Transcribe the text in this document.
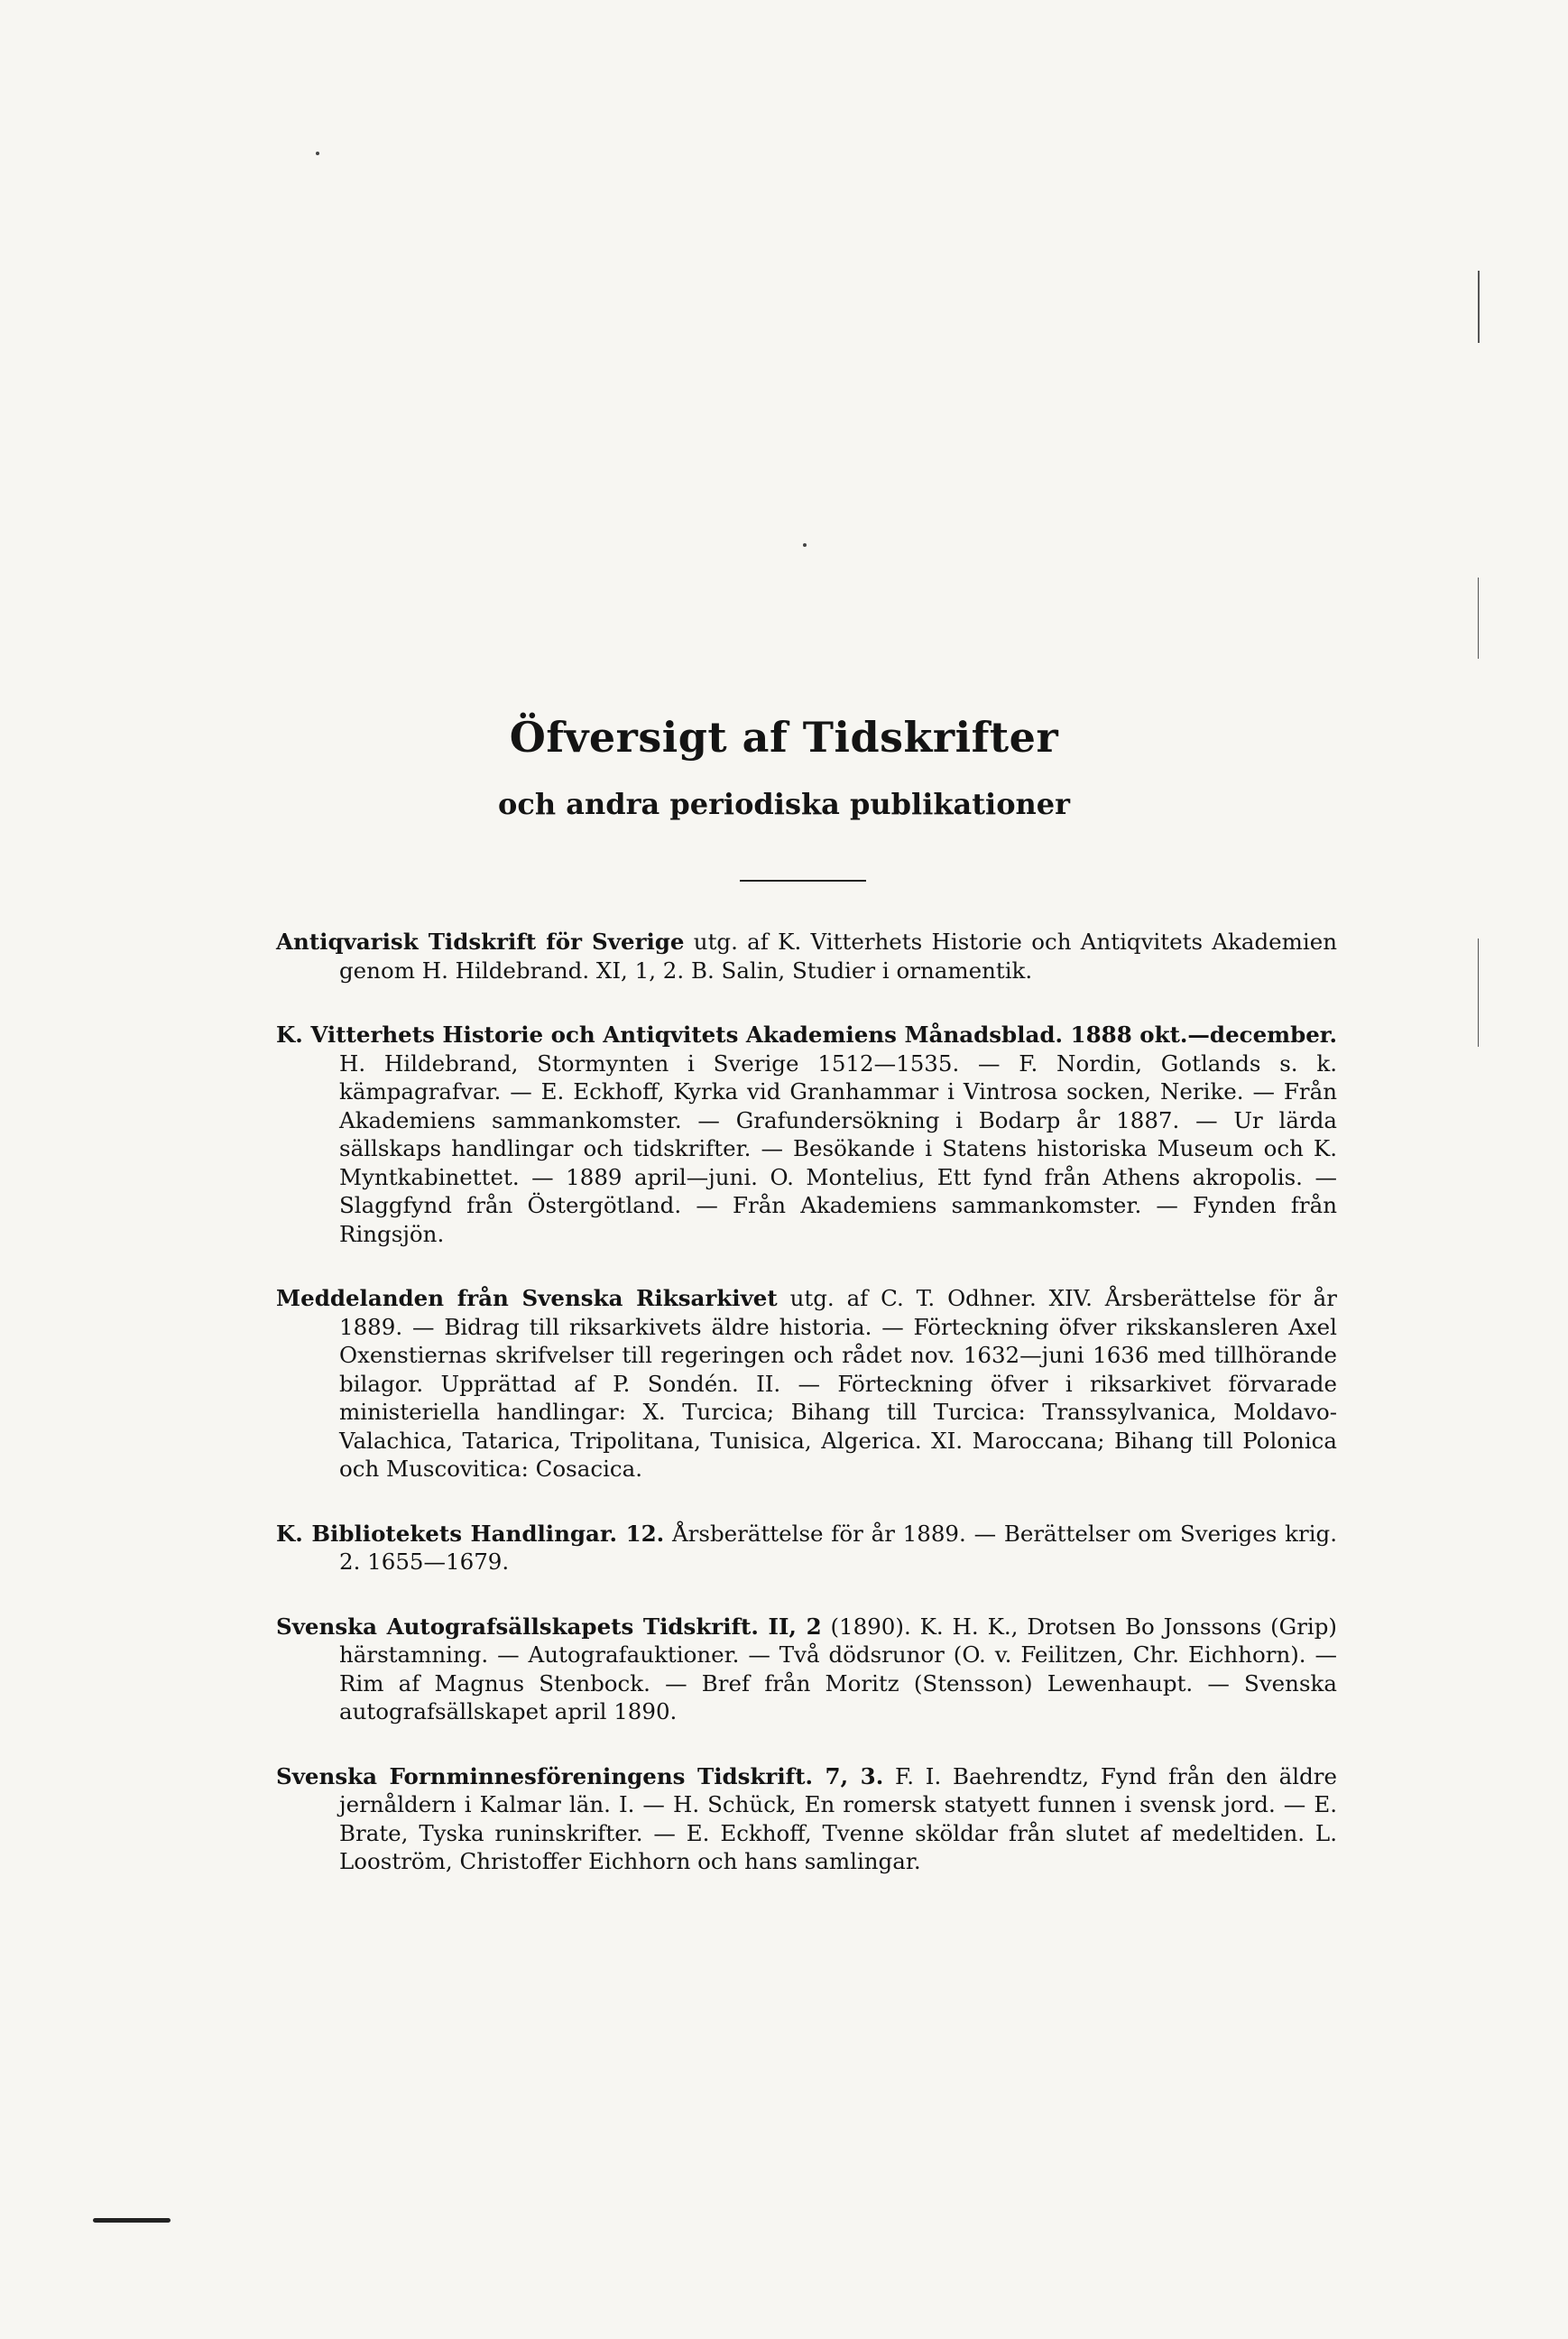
Öfversigt af Tidskrifter
och andra periodiska publikationer

Antiqvarisk Tidskrift för Sverige utg. af K. Vitterhets Historie och Antiqvitets Akademien genom H. Hildebrand. XI, 1, 2. B. Salin, Studier i ornamentik.

K. Vitterhets Historie och Antiqvitets Akademiens Månadsblad. 1888 okt.—december. H. Hildebrand, Stormynten i Sverige 1512—1535. — F. Nordin, Gotlands s. k. kämpagrafvar. — E. Eckhoff, Kyrka vid Granhammar i Vintrosa socken, Nerike. — Från Akademiens sammankomster. — Grafundersökning i Bodarp år 1887. — Ur lärda sällskaps handlingar och tidskrifter. — Besökande i Statens historiska Museum och K. Myntkabinettet. — 1889 april—juni. O. Montelius, Ett fynd från Athens akropolis. — Slaggfynd från Östergötland. — Från Akademiens sammankomster. — Fynden från Ringsjön.

Meddelanden från Svenska Riksarkivet utg. af C. T. Odhner. XIV. Årsberättelse för år 1889. — Bidrag till riksarkivets äldre historia. — Förteckning öfver rikskansleren Axel Oxenstiernas skrifvelser till regeringen och rådet nov. 1632—juni 1636 med tillhörande bilagor. Upprättad af P. Sondén. II. — Förteckning öfver i riksarkivet förvarade ministeriella handlingar: X. Turcica; Bihang till Turcica: Transsylvanica, Moldavo-Valachica, Tatarica, Tripolitana, Tunisica, Algerica. XI. Maroccana; Bihang till Polonica och Muscovitica: Cosacica.

K. Bibliotekets Handlingar. 12. Årsberättelse för år 1889. — Berättelser om Sveriges krig. 2. 1655—1679.

Svenska Autografsällskapets Tidskrift. II, 2 (1890). K. H. K., Drotsen Bo Jonssons (Grip) härstamning. — Autografauktioner. — Två dödsrunor (O. v. Feilitzen, Chr. Eichhorn). — Rim af Magnus Stenbock. — Bref från Moritz (Stensson) Lewenhaupt. — Svenska autografsällskapet april 1890.

Svenska Fornminnesföreningens Tidskrift. 7, 3. F. I. Baehrendtz, Fynd från den äldre jernåldern i Kalmar län. I. — H. Schück, En romersk statyett funnen i svensk jord. — E. Brate, Tyska runinskrifter. — E. Eckhoff, Tvenne sköldar från slutet af medeltiden. L. Looström, Christoffer Eichhorn och hans samlingar.
